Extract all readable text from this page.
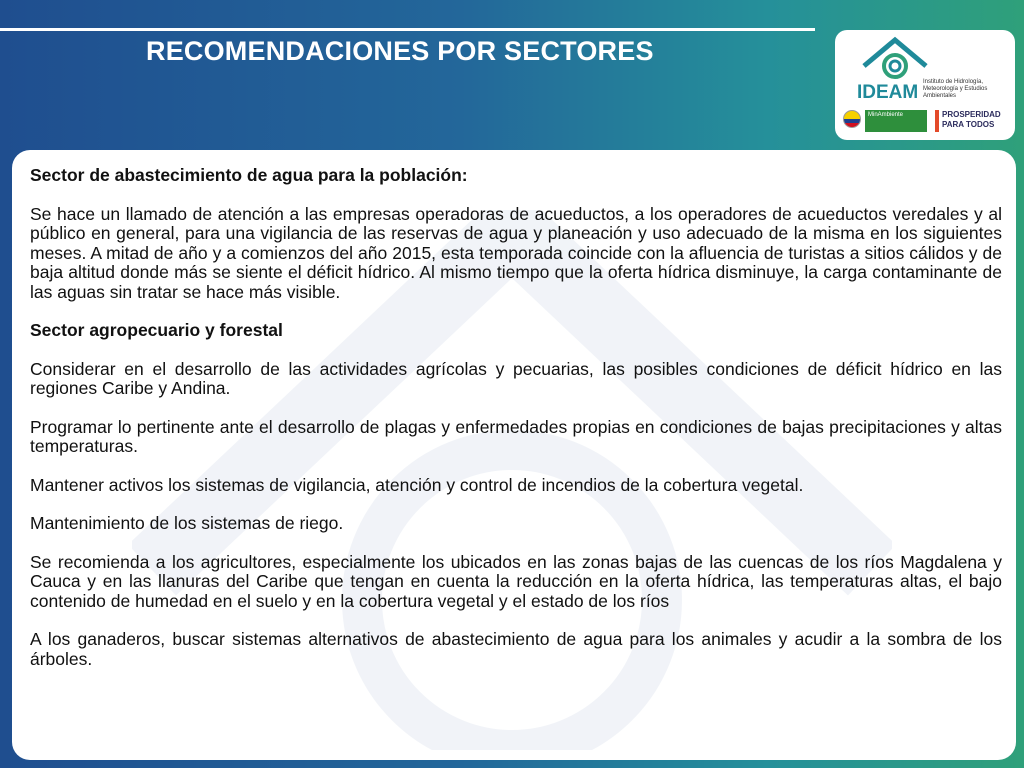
RECOMENDACIONES POR SECTORES
IDEAM Instituto de Hidrología, Meteorología y Estudios Ambientales
MinAmbiente	PROSPERIDAD PARA TODOS

Sector de abastecimiento de agua para la población:

Se hace un llamado de atención a las empresas operadoras de acueductos, a los operadores de acueductos veredales y al público en general, para una vigilancia de las reservas de agua y planeación y uso adecuado de la misma en los siguientes meses. A mitad de año y a comienzos del año 2015, esta temporada coincide con la afluencia de turistas a sitios cálidos y de baja altitud donde más se siente el déficit hídrico. Al mismo tiempo que la oferta hídrica disminuye, la carga contaminante de las aguas sin tratar se hace más visible.

Sector agropecuario y forestal

Considerar en el desarrollo de las actividades agrícolas y pecuarias, las posibles condiciones de déficit hídrico en las regiones Caribe y Andina.

Programar lo pertinente ante el desarrollo de plagas y enfermedades propias en condiciones de bajas precipitaciones y altas temperaturas.

Mantener activos los sistemas de vigilancia, atención y control de incendios de la cobertura vegetal.

Mantenimiento de los sistemas de riego.

Se recomienda a los agricultores, especialmente los ubicados en las zonas bajas de las cuencas de los ríos Magdalena y Cauca y en las llanuras del Caribe que tengan en cuenta la reducción en la oferta hídrica, las temperaturas altas, el bajo contenido de humedad en el suelo y en la cobertura vegetal y el estado de los ríos

A los ganaderos, buscar sistemas alternativos de abastecimiento de agua para los animales y acudir a la sombra de los árboles.
